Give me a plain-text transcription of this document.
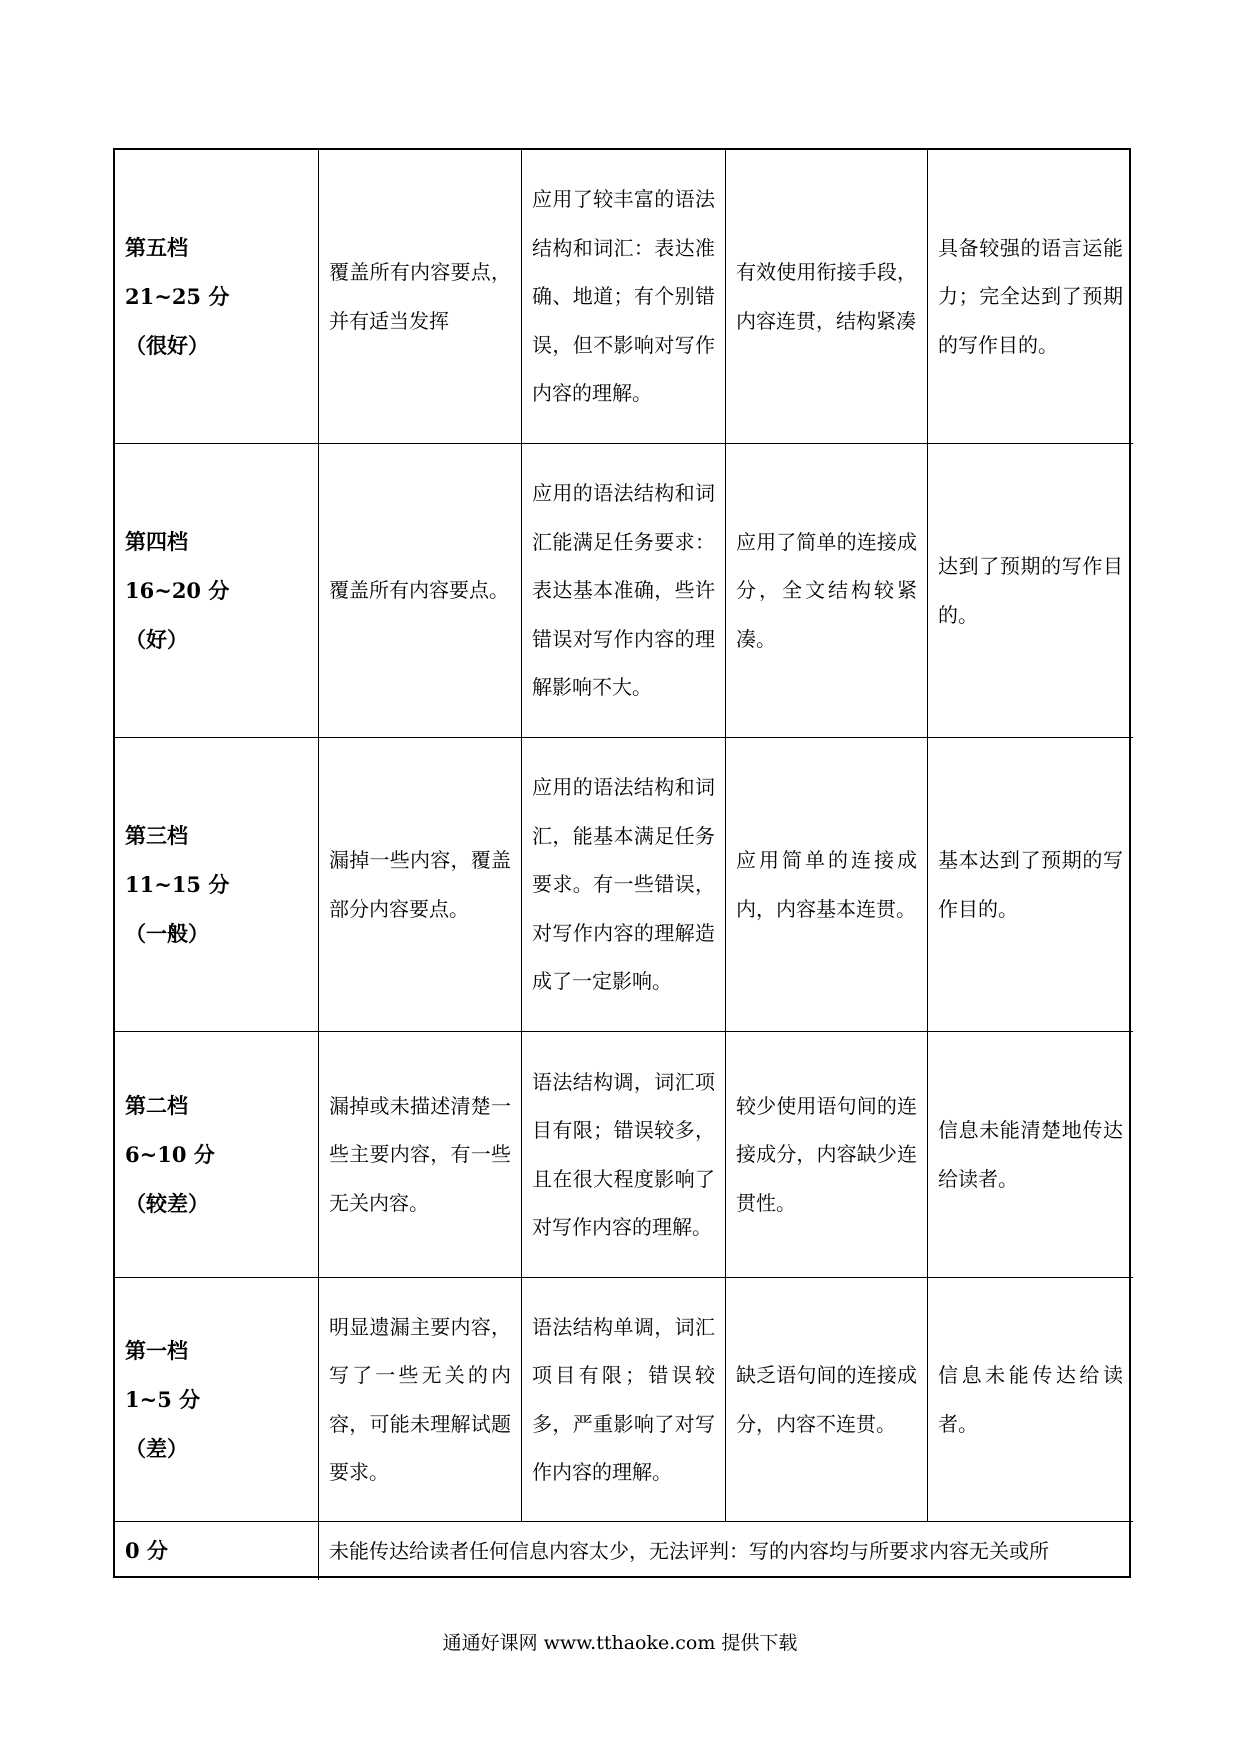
第五档
21~25 分
（很好）
覆盖所有内容要点，并有适当发挥
应用了较丰富的语法结构和词汇：表达准确、地道；有个别错误，但不影响对写作内容的理解。
有效使用衔接手段，内容连贯，结构紧凑
具备较强的语言运能力；完全达到了预期的写作目的。
第四档
16~20 分
（好）
覆盖所有内容要点。
应用的语法结构和词汇能满足任务要求：表达基本准确，些许错误对写作内容的理解影响不大。
应用了简单的连接成分，全文结构较紧凑。
达到了预期的写作目的。
第三档
11~15 分
（一般）
漏掉一些内容，覆盖部分内容要点。
应用的语法结构和词汇，能基本满足任务要求。有一些错误，对写作内容的理解造成了一定影响。
应用简单的连接成内，内容基本连贯。
基本达到了预期的写作目的。
第二档
6~10 分
（较差）
漏掉或未描述清楚一些主要内容，有一些无关内容。
语法结构调，词汇项目有限；错误较多，且在很大程度影响了对写作内容的理解。
较少使用语句间的连接成分，内容缺少连贯性。
信息未能清楚地传达给读者。
第一档
1~5 分
（差）
明显遗漏主要内容，写了一些无关的内容，可能未理解试题要求。
语法结构单调，词汇项目有限；错误较多，严重影响了对写作内容的理解。
缺乏语句间的连接成分，内容不连贯。
信息未能传达给读者。
0 分	未能传达给读者任何信息内容太少，无法评判：写的内容均与所要求内容无关或所
通通好课网 www.tthaoke.com 提供下载
